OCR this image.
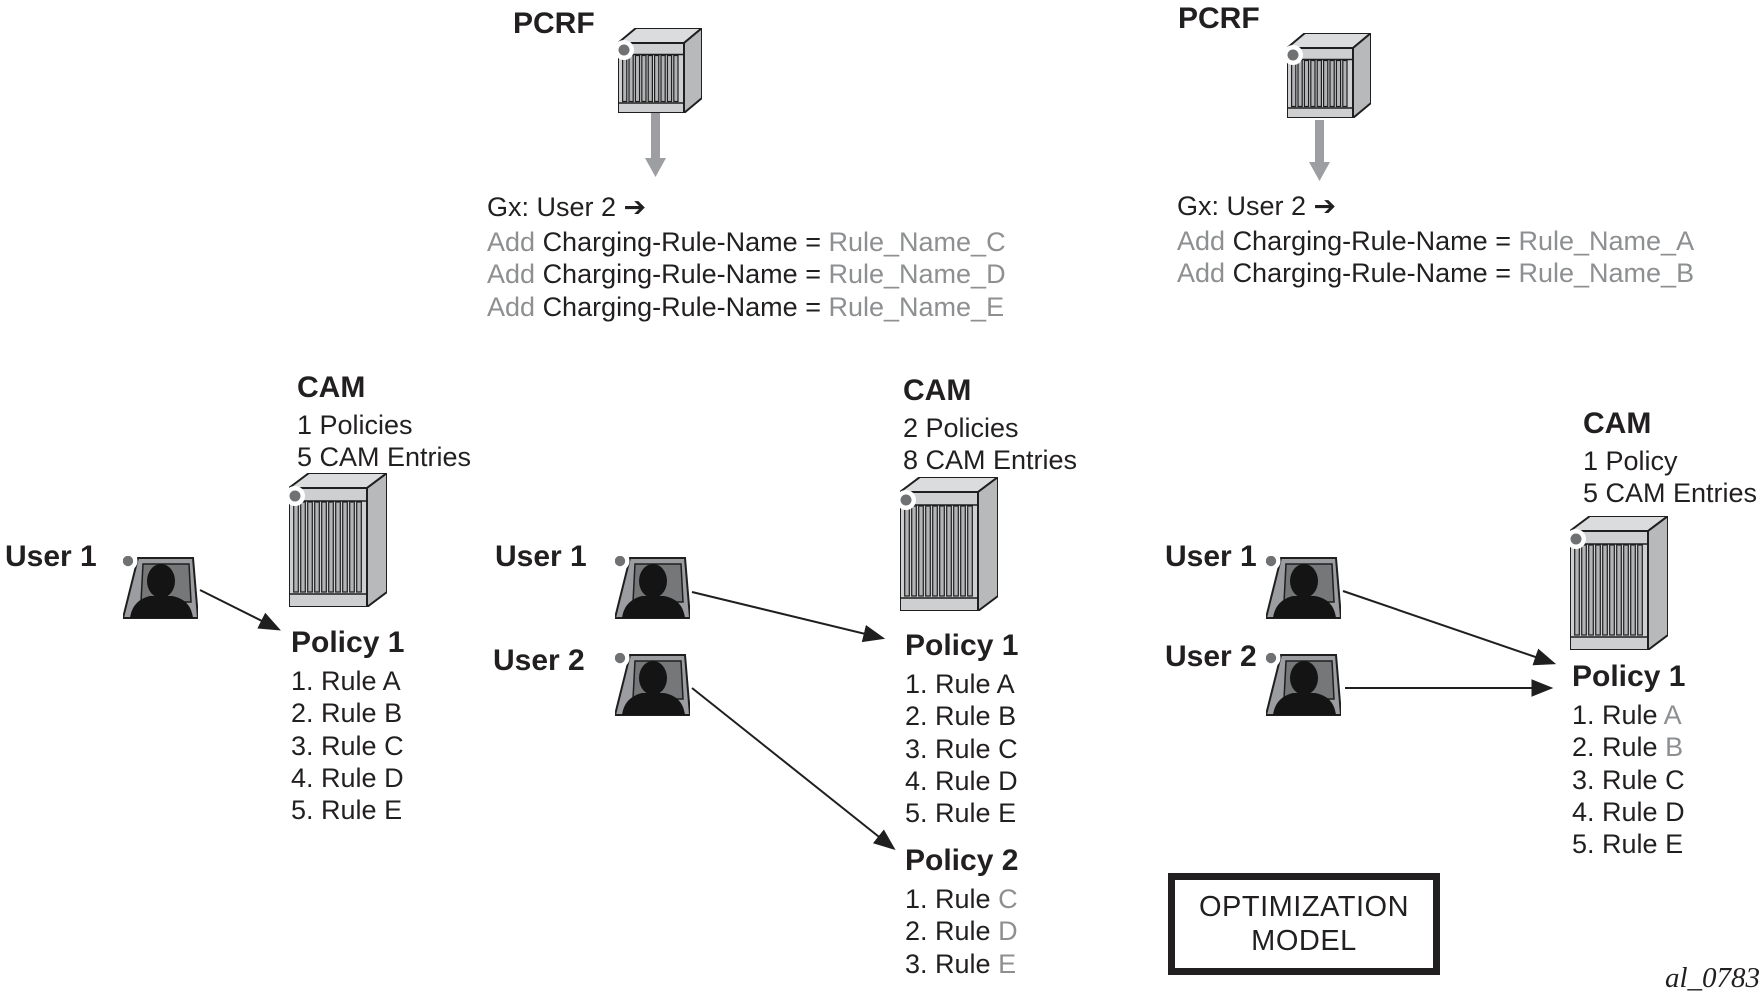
PCRF
Gx: User 2 ➔
Add Charging-Rule-Name = Rule_Name_C
Add Charging-Rule-Name = Rule_Name_D
Add Charging-Rule-Name = Rule_Name_E
PCRF
Gx: User 2 ➔
Add Charging-Rule-Name = Rule_Name_A
Add Charging-Rule-Name = Rule_Name_B
CAM
1 Policies
5 CAM Entries
User 1
Policy 1
1. Rule A
2. Rule B
3. Rule C
4. Rule D
5. Rule E
CAM
2 Policies
8 CAM Entries
User 1
User 2	Policy 1
1. Rule A
2. Rule B
3. Rule C
4. Rule D
5. Rule E
Policy 2
1. Rule C
2. Rule D
3. Rule E
CAM
1 Policy
5 CAM Entries
User 1
User 2
Policy 1
1. Rule A
2. Rule B
3. Rule C
4. Rule D
5. Rule E
OPTIMIZATION
MODEL
al_0783
